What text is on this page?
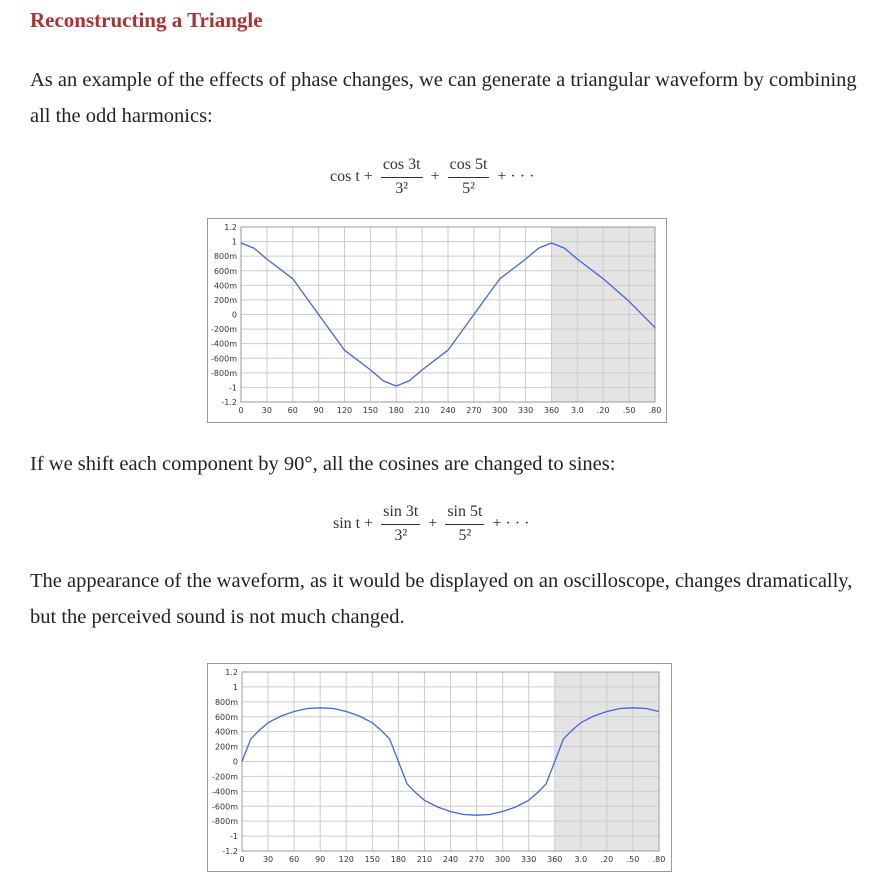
Reconstructing a Triangle

As an example of the effects of phase changes, we can generate a triangular waveform by combining all the odd harmonics:

$\cos t + \frac{\cos 3t}{\text{3²}} + \frac{\cos 5t}{\text{5²}}$ + · · ·
0 30 60 90 120 150 180 210 240 270 300 330 360 3.0 .20 .50 .80
1.2
1
800m
600m
400m
200m
0
-200m
-400m
-600m
-800m
-1
-1.2

If we shift each component by 90°, all the cosines are changed to sines:

$\sin t + \frac{\sin 3t}{\text{3²}} + \frac{\sin 5t}{\text{5²}}$ + · · ·

The appearance of the waveform, as it would be displayed on an oscilloscope, changes dramatically, but the perceived sound is not much changed.

0 30 60 90 120 150 180 210 240 270 300 330 360 3.0 .20 .50 .80
1.2
1
800m
600m
400m
200m
0
-200m
-400m
-600m
-800m
-1
-1.2
